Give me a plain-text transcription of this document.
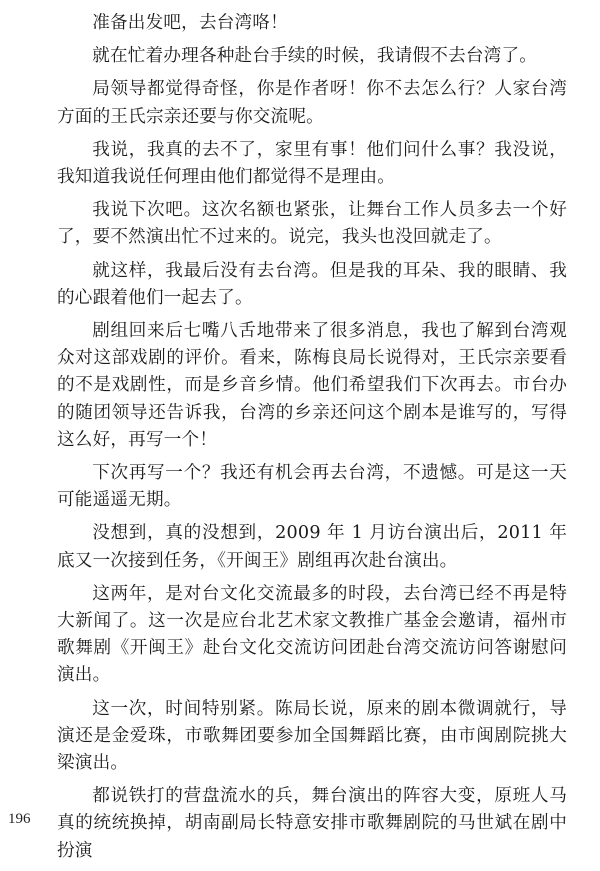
准备出发吧，去台湾咯！

就在忙着办理各种赴台手续的时候，我请假不去台湾了。

局领导都觉得奇怪，你是作者呀！你不去怎么行？人家台湾方面的王氏宗亲还要与你交流呢。

我说，我真的去不了，家里有事！他们问什么事？我没说，我知道我说任何理由他们都觉得不是理由。

我说下次吧。这次名额也紧张，让舞台工作人员多去一个好了，要不然演出忙不过来的。说完，我头也没回就走了。

就这样，我最后没有去台湾。但是我的耳朵、我的眼睛、我的心跟着他们一起去了。

剧组回来后七嘴八舌地带来了很多消息，我也了解到台湾观众对这部戏剧的评价。看来，陈梅良局长说得对，王氏宗亲要看的不是戏剧性，而是乡音乡情。他们希望我们下次再去。市台办的随团领导还告诉我，台湾的乡亲还问这个剧本是谁写的，写得这么好，再写一个！

下次再写一个？我还有机会再去台湾，不遗憾。可是这一天可能遥遥无期。

没想到，真的没想到，2009 年 1 月访台演出后，2011 年底又一次接到任务，《开闽王》剧组再次赴台演出。

这两年，是对台文化交流最多的时段，去台湾已经不再是特大新闻了。这一次是应台北艺术家文教推广基金会邀请，福州市歌舞剧《开闽王》赴台文化交流访问团赴台湾交流访问答谢慰问演出。

这一次，时间特别紧。陈局长说，原来的剧本微调就行，导演还是金爱珠，市歌舞团要参加全国舞蹈比赛，由市闽剧院挑大梁演出。

都说铁打的营盘流水的兵，舞台演出的阵容大变，原班人马真的统统换掉，胡南副局长特意安排市歌舞剧院的马世斌在剧中扮演

196
